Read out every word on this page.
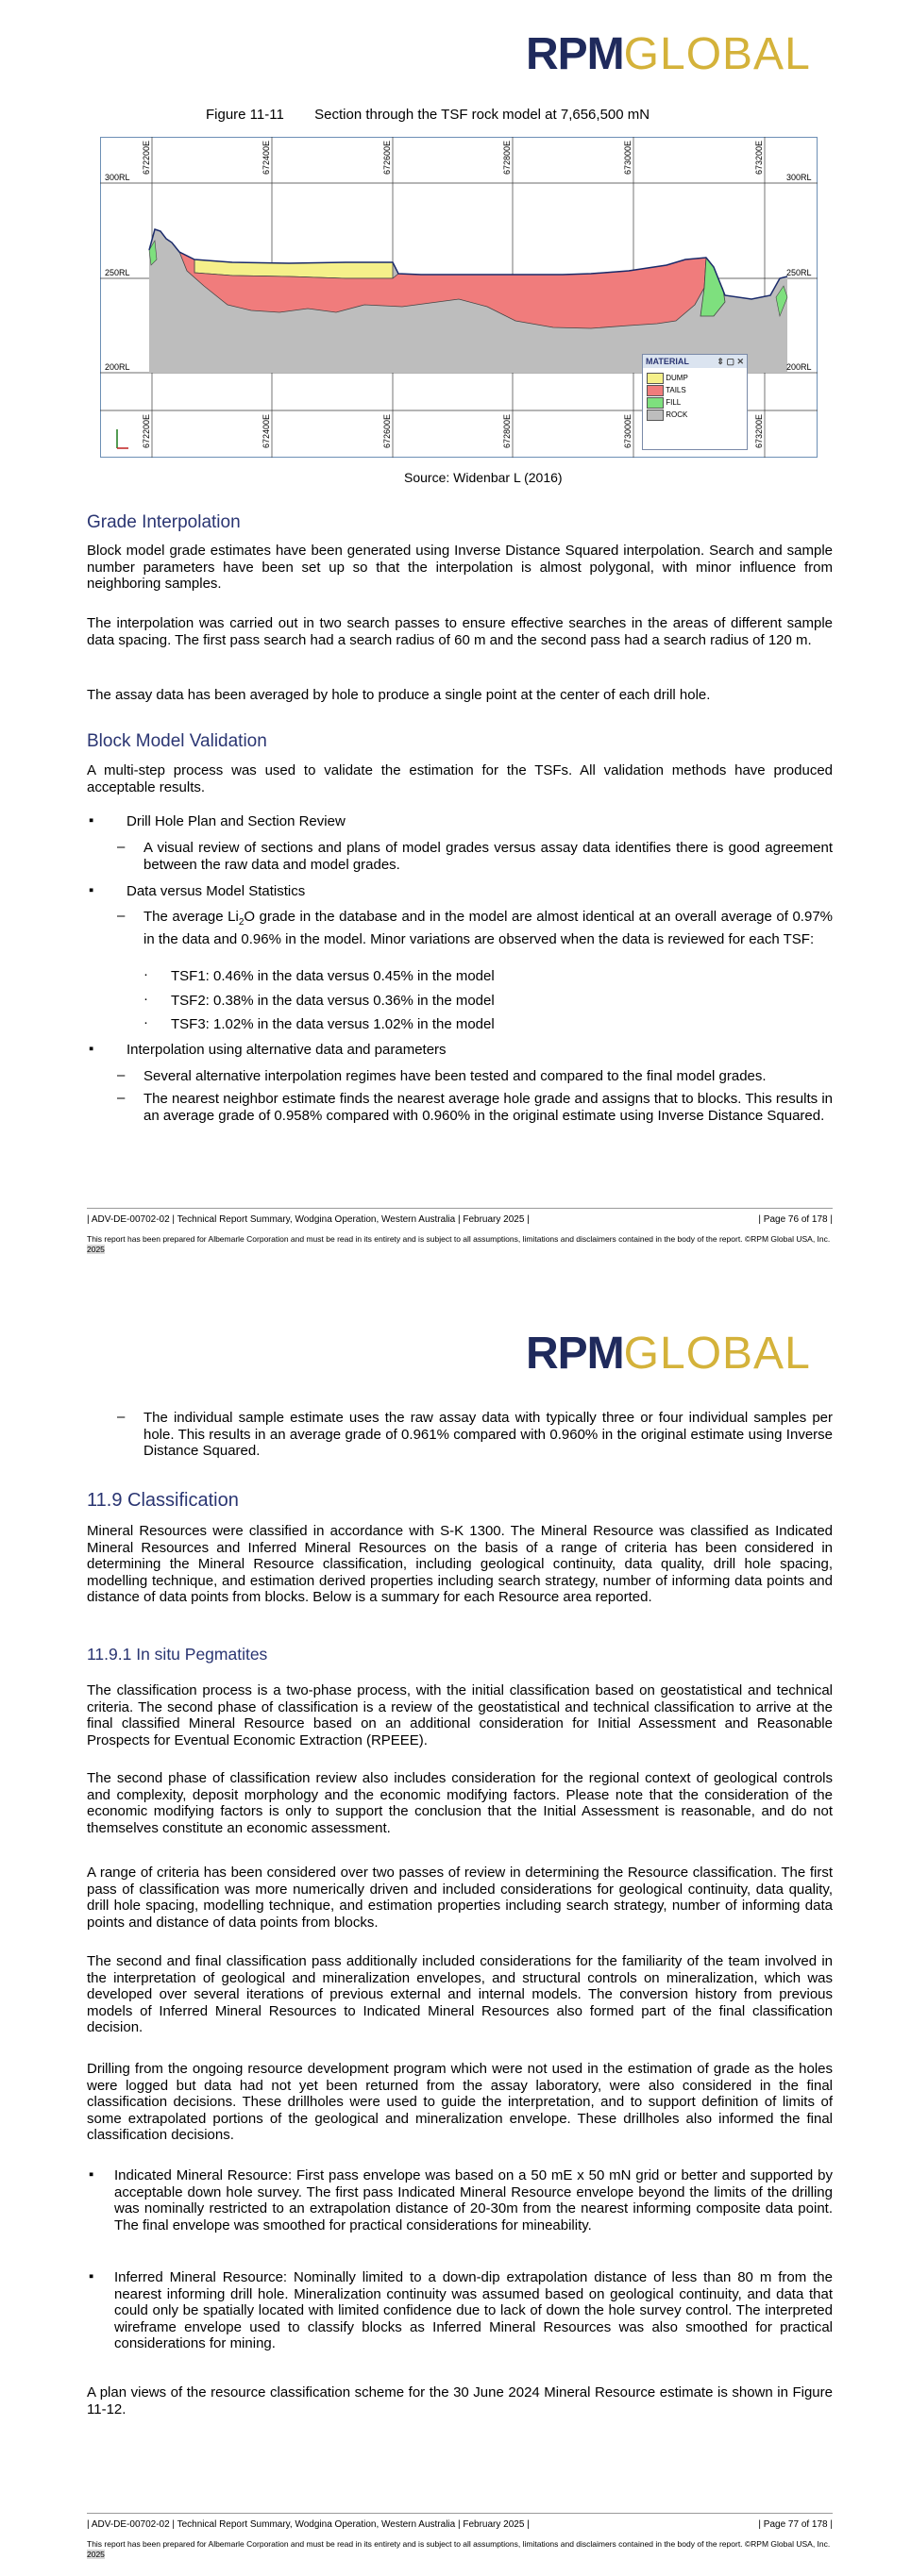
RPMGLOBAL
Figure 11-11 Section through the TSF rock model at 7,656,500 mN
672200E	672400E	672600E	672800E	673000E	673200E
672200E	672400E	672600E	672800E	673000E	673200E
300RL
250RL
200RL
300RL
250RL
200RL
MATERIAL	⇕ ▢ ✕
DUMP
TAILS
FILL
ROCK
Source: Widenbar L (2016)
Grade Interpolation
Block model grade estimates have been generated using Inverse Distance Squared interpolation. Search and sample number parameters have been set up so that the interpolation is almost polygonal, with minor influence from neighboring samples.
The interpolation was carried out in two search passes to ensure effective searches in the areas of different sample data spacing. The first pass search had a search radius of 60 m and the second pass had a search radius of 120 m.
The assay data has been averaged by hole to produce a single point at the center of each drill hole.
Block Model Validation
A multi-step process was used to validate the estimation for the TSFs. All validation methods have produced acceptable results.
▪ Drill Hole Plan and Section Review
– A visual review of sections and plans of model grades versus assay data identifies there is good agreement between the raw data and model grades.
▪ Data versus Model Statistics
– The average $Li_2O$ grade in the database and in the model are almost identical at an overall average of 0.97% in the data and 0.96% in the model. Minor variations are observed when the data is reviewed for each TSF:
· TSF1: 0.46% in the data versus 0.45% in the model
· TSF2: 0.38% in the data versus 0.36% in the model
· TSF3: 1.02% in the data versus 1.02% in the model
▪ Interpolation using alternative data and parameters
– Several alternative interpolation regimes have been tested and compared to the final model grades.
– The nearest neighbor estimate finds the nearest average hole grade and assigns that to blocks. This results in an average grade of 0.958% compared with 0.960% in the original estimate using Inverse Distance Squared.
| ADV-DE-00702-02 | Technical Report Summary, Wodgina Operation, Western Australia | February 2025 |	| Page 76 of 178 |
This report has been prepared for Albemarle Corporation and must be read in its entirety and is subject to all assumptions, limitations and disclaimers contained in the body of the report. ©RPM Global USA, Inc. 2025
RPMGLOBAL
– The individual sample estimate uses the raw assay data with typically three or four individual samples per hole. This results in an average grade of 0.961% compared with 0.960% in the original estimate using Inverse Distance Squared.
11.9 Classification
Mineral Resources were classified in accordance with S-K 1300. The Mineral Resource was classified as Indicated Mineral Resources and Inferred Mineral Resources on the basis of a range of criteria has been considered in determining the Mineral Resource classification, including geological continuity, data quality, drill hole spacing, modelling technique, and estimation derived properties including search strategy, number of informing data points and distance of data points from blocks. Below is a summary for each Resource area reported.
11.9.1 In situ Pegmatites
The classification process is a two-phase process, with the initial classification based on geostatistical and technical criteria. The second phase of classification is a review of the geostatistical and technical classification to arrive at the final classified Mineral Resource based on an additional consideration for Initial Assessment and Reasonable Prospects for Eventual Economic Extraction (RPEEE).
The second phase of classification review also includes consideration for the regional context of geological controls and complexity, deposit morphology and the economic modifying factors. Please note that the consideration of the economic modifying factors is only to support the conclusion that the Initial Assessment is reasonable, and do not themselves constitute an economic assessment.
A range of criteria has been considered over two passes of review in determining the Resource classification. The first pass of classification was more numerically driven and included considerations for geological continuity, data quality, drill hole spacing, modelling technique, and estimation properties including search strategy, number of informing data points and distance of data points from blocks.
The second and final classification pass additionally included considerations for the familiarity of the team involved in the interpretation of geological and mineralization envelopes, and structural controls on mineralization, which was developed over several iterations of previous external and internal models. The conversion history from previous models of Inferred Mineral Resources to Indicated Mineral Resources also formed part of the final classification decision.
Drilling from the ongoing resource development program which were not used in the estimation of grade as the holes were logged but data had not yet been returned from the assay laboratory, were also considered in the final classification decisions. These drillholes were used to guide the interpretation, and to support definition of limits of some extrapolated portions of the geological and mineralization envelope. These drillholes also informed the final classification decisions.
▪ Indicated Mineral Resource: First pass envelope was based on a 50 mE x 50 mN grid or better and supported by acceptable down hole survey. The first pass Indicated Mineral Resource envelope beyond the limits of the drilling was nominally restricted to an extrapolation distance of 20-30m from the nearest informing composite data point. The final envelope was smoothed for practical considerations for mineability.
▪ Inferred Mineral Resource: Nominally limited to a down-dip extrapolation distance of less than 80 m from the nearest informing drill hole. Mineralization continuity was assumed based on geological continuity, and data that could only be spatially located with limited confidence due to lack of down the hole survey control. The interpreted wireframe envelope used to classify blocks as Inferred Mineral Resources was also smoothed for practical considerations for mining.
A plan views of the resource classification scheme for the 30 June 2024 Mineral Resource estimate is shown in Figure 11-12.
| ADV-DE-00702-02 | Technical Report Summary, Wodgina Operation, Western Australia | February 2025 |	| Page 77 of 178 |
This report has been prepared for Albemarle Corporation and must be read in its entirety and is subject to all assumptions, limitations and disclaimers contained in the body of the report. ©RPM Global USA, Inc. 2025
